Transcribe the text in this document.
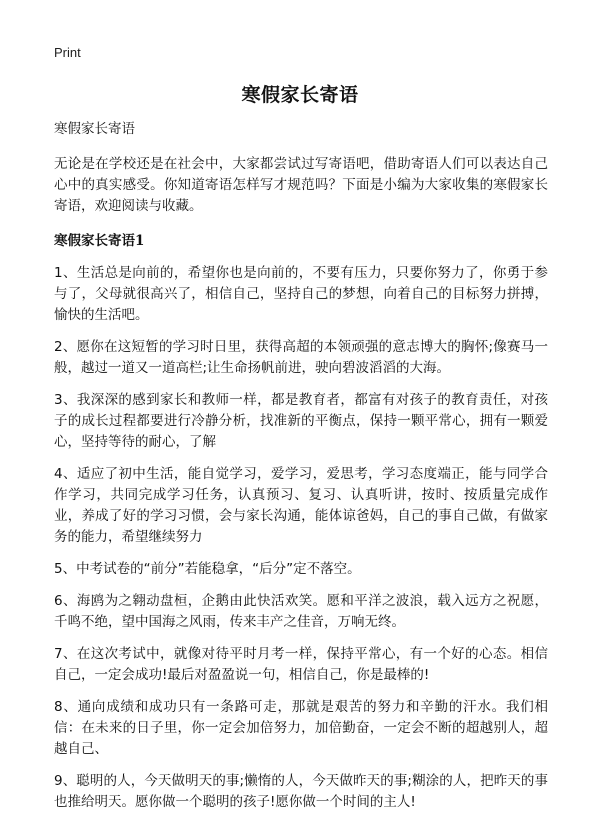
Print
寒假家长寄语

寒假家长寄语

无论是在学校还是在社会中，大家都尝试过写寄语吧，借助寄语人们可以表达自己心中的真实感受。你知道寄语怎样写才规范吗？下面是小编为大家收集的寒假家长寄语，欢迎阅读与收藏。

寒假家长寄语1

1、生活总是向前的，希望你也是向前的，不要有压力，只要你努力了，你勇于参与了，父母就很高兴了，相信自己，坚持自己的梦想，向着自己的目标努力拼搏，愉快的生活吧。

2、愿你在这短暂的学习时日里，获得高超的本领顽强的意志博大的胸怀;像赛马一般，越过一道又一道高栏;让生命扬帆前进，驶向碧波滔滔的大海。

3、我深深的感到家长和教师一样，都是教育者，都富有对孩子的教育责任，对孩子的成长过程都要进行冷静分析，找准新的平衡点，保持一颗平常心，拥有一颗爱心，坚持等待的耐心，了解

4、适应了初中生活，能自觉学习，爱学习，爱思考，学习态度端正，能与同学合作学习，共同完成学习任务，认真预习、复习、认真听讲，按时、按质量完成作业，养成了好的学习习惯，会与家长沟通，能体谅爸妈，自己的事自己做，有做家务的能力，希望继续努力

5、中考试卷的“前分”若能稳拿，“后分”定不落空。

6、海鸥为之翱动盘桓，企鹅由此快活欢笑。愿和平洋之波浪，载入远方之祝愿，千鸣不绝，望中国海之风雨，传来丰产之佳音，万响无终。

7、在这次考试中，就像对待平时月考一样，保持平常心，有一个好的心态。相信自己，一定会成功!最后对盈盈说一句，相信自己，你是最棒的!

8、通向成绩和成功只有一条路可走，那就是艰苦的努力和辛勤的汗水。我们相信：在未来的日子里，你一定会加倍努力，加倍勤奋，一定会不断的超越别人，超越自己、

9、聪明的人，今天做明天的事;懒惰的人，今天做昨天的事;糊涂的人，把昨天的事也推给明天。愿你做一个聪明的孩子!愿你做一个时间的主人!
